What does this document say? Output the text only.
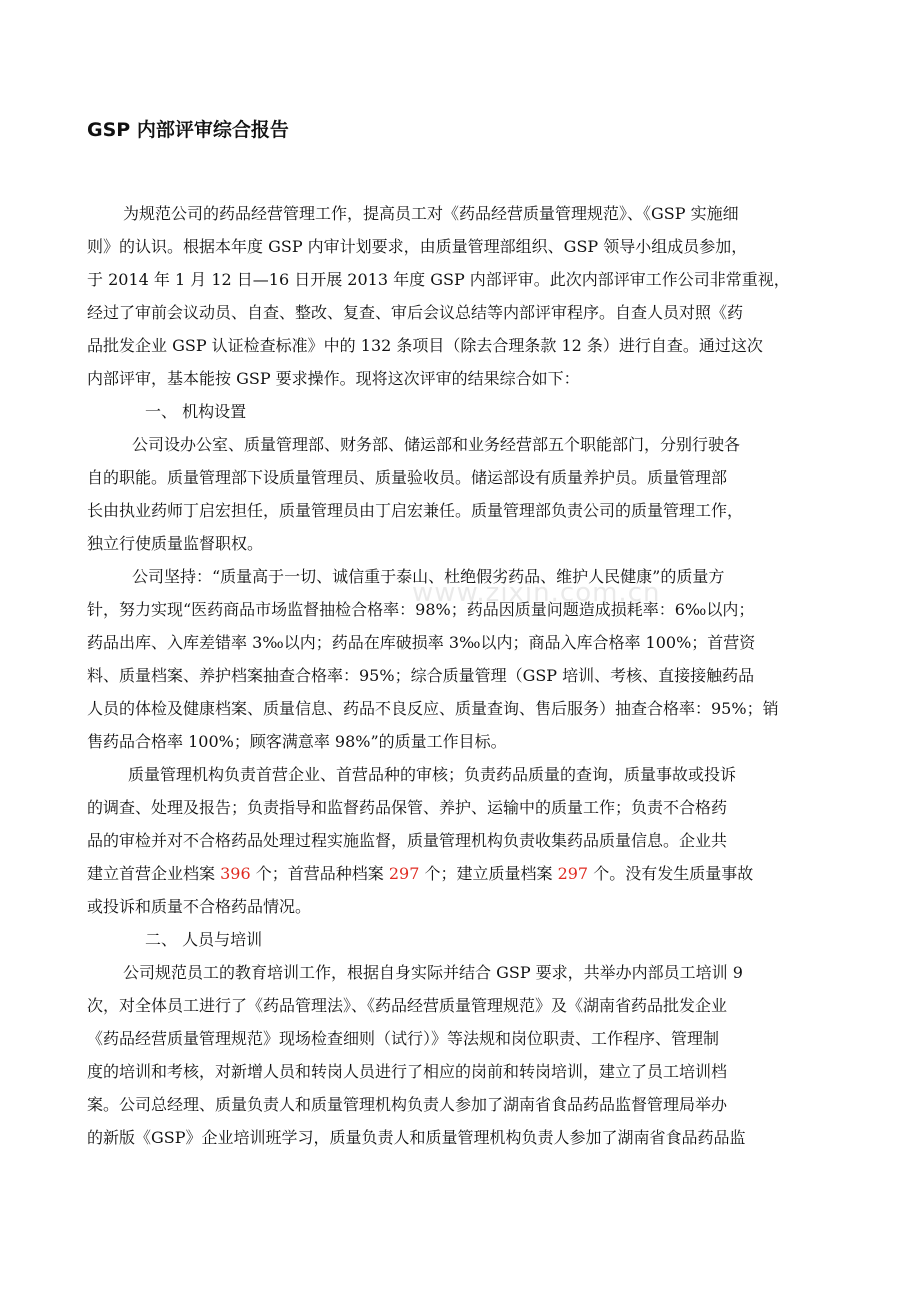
GSP 内部评审综合报告

为规范公司的药品经营管理工作，提高员工对《药品经营质量管理规范》、《GSP 实施细

则》的认识。根据本年度 GSP 内审计划要求，由质量管理部组织、GSP 领导小组成员参加，

于 2014 年 1 月 12 日—16 日开展 2013 年度 GSP 内部评审。此次内部评审工作公司非常重视，

经过了审前会议动员、自查、整改、复查、审后会议总结等内部评审程序。自查人员对照《药

品批发企业 GSP 认证检查标准》中的 132 条项目（除去合理条款 12 条）进行自查。通过这次

内部评审，基本能按 GSP 要求操作。现将这次评审的结果综合如下：

一、 机构设置

公司设办公室、质量管理部、财务部、储运部和业务经营部五个职能部门，分别行驶各

自的职能。质量管理部下设质量管理员、质量验收员。储运部设有质量养护员。质量管理部

长由执业药师丁启宏担任，质量管理员由丁启宏兼任。质量管理部负责公司的质量管理工作，

独立行使质量监督职权。

公司坚持：“质量高于一切、诚信重于泰山、杜绝假劣药品、维护人民健康”的质量方

针，努力实现“医药商品市场监督抽检合格率：98%；药品因质量问题造成损耗率：6‰以内；

药品出库、入库差错率 3‰以内；药品在库破损率 3‰以内；商品入库合格率 100%；首营资

料、质量档案、养护档案抽查合格率：95%；综合质量管理（GSP 培训、考核、直接接触药品

人员的体检及健康档案、质量信息、药品不良反应、质量查询、售后服务）抽查合格率：95%；销

售药品合格率 100%；顾客满意率 98%”的质量工作目标。

质量管理机构负责首营企业、首营品种的审核；负责药品质量的查询，质量事故或投诉

的调查、处理及报告；负责指导和监督药品保管、养护、运输中的质量工作；负责不合格药

品的审检并对不合格药品处理过程实施监督，质量管理机构负责收集药品质量信息。企业共

建立首营企业档案 396 个；首营品种档案 297 个；建立质量档案 297 个。没有发生质量事故

或投诉和质量不合格药品情况。

二、 人员与培训

公司规范员工的教育培训工作，根据自身实际并结合 GSP 要求，共举办内部员工培训 9

次，对全体员工进行了《药品管理法》、《药品经营质量管理规范》及《湖南省药品批发企业

《药品经营质量管理规范》现场检查细则（试行）》等法规和岗位职责、工作程序、管理制

度的培训和考核，对新增人员和转岗人员进行了相应的岗前和转岗培训，建立了员工培训档

案。公司总经理、质量负责人和质量管理机构负责人参加了湖南省食品药品监督管理局举办

的新版《GSP》企业培训班学习，质量负责人和质量管理机构负责人参加了湖南省食品药品监

www.zixin.com.cn
